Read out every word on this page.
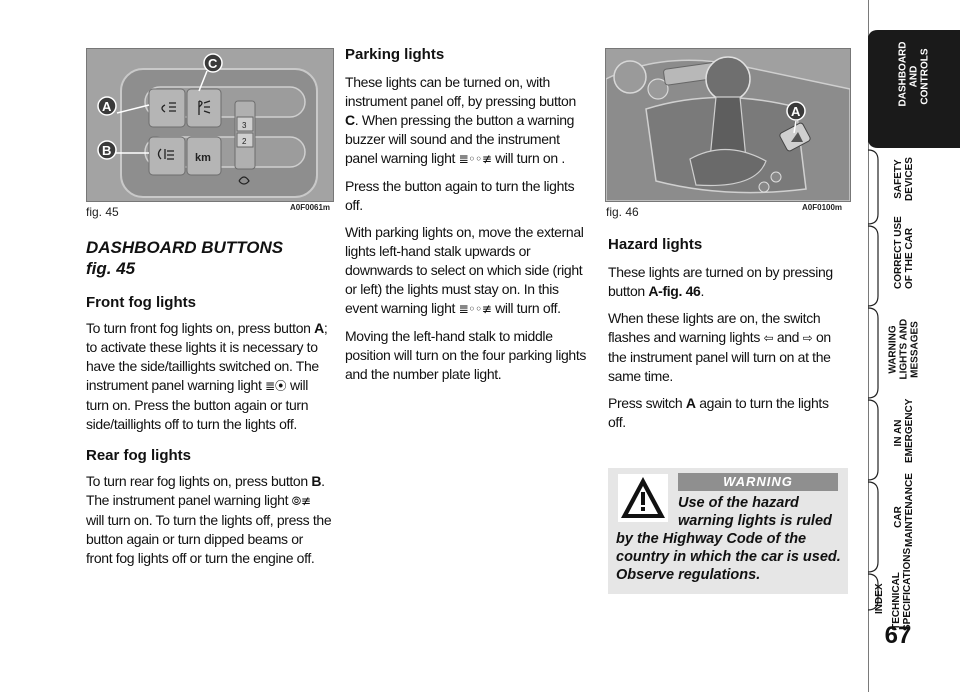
3
2
km
A
B
C
fig. 45	A0F0061m
A
fig. 46	A0F0100m
DASHBOARD BUTTONS
fig. 45
Front fog lights

To turn front fog lights on, press button A; to activate these lights it is necessary to have the side/taillights switched on. The instrument panel warning light ≣⦿ will turn on. Press the button again or turn side/taillights off to turn the lights off.

Rear fog lights

To turn rear fog lights on, press button B. The instrument panel warning light ⦾≢ will turn on. To turn the lights off, press the button again or turn dipped beams or front fog lights off or turn the engine off.

Parking lights

These lights can be turned on, with instrument panel off, by pressing button C. When pressing the button a warning buzzer will sound and the instrument panel warning light ≣◦◦≢ will turn on .

Press the button again to turn the lights off.

With parking lights on, move the external lights left-hand stalk upwards or downwards to select on which side (right or left) the lights must stay on. In this event warning light ≣◦◦≢ will turn off.

Moving the left-hand stalk to middle position will turn on the four parking lights and the number plate light.

Hazard lights

These lights are turned on by pressing button A-fig. 46.

When these lights are on, the switch flashes and warning lights ⇦ and ⇨ on the instrument panel will turn on at the same time.

Press switch A again to turn the lights off.

WARNING
Use of the hazard warning lights is ruled
by the Highway Code of the country in which the car is used. Observe regulations.
DASHBOARD
AND
CONTROLS
SAFETY
DEVICES
CORRECT USE
OF THE CAR
WARNING
LIGHTS AND
MESSAGES
IN AN
EMERGENCY
CAR
MAINTENANCE
TECHNICAL
SPECIFICATIONS
INDEX
67
